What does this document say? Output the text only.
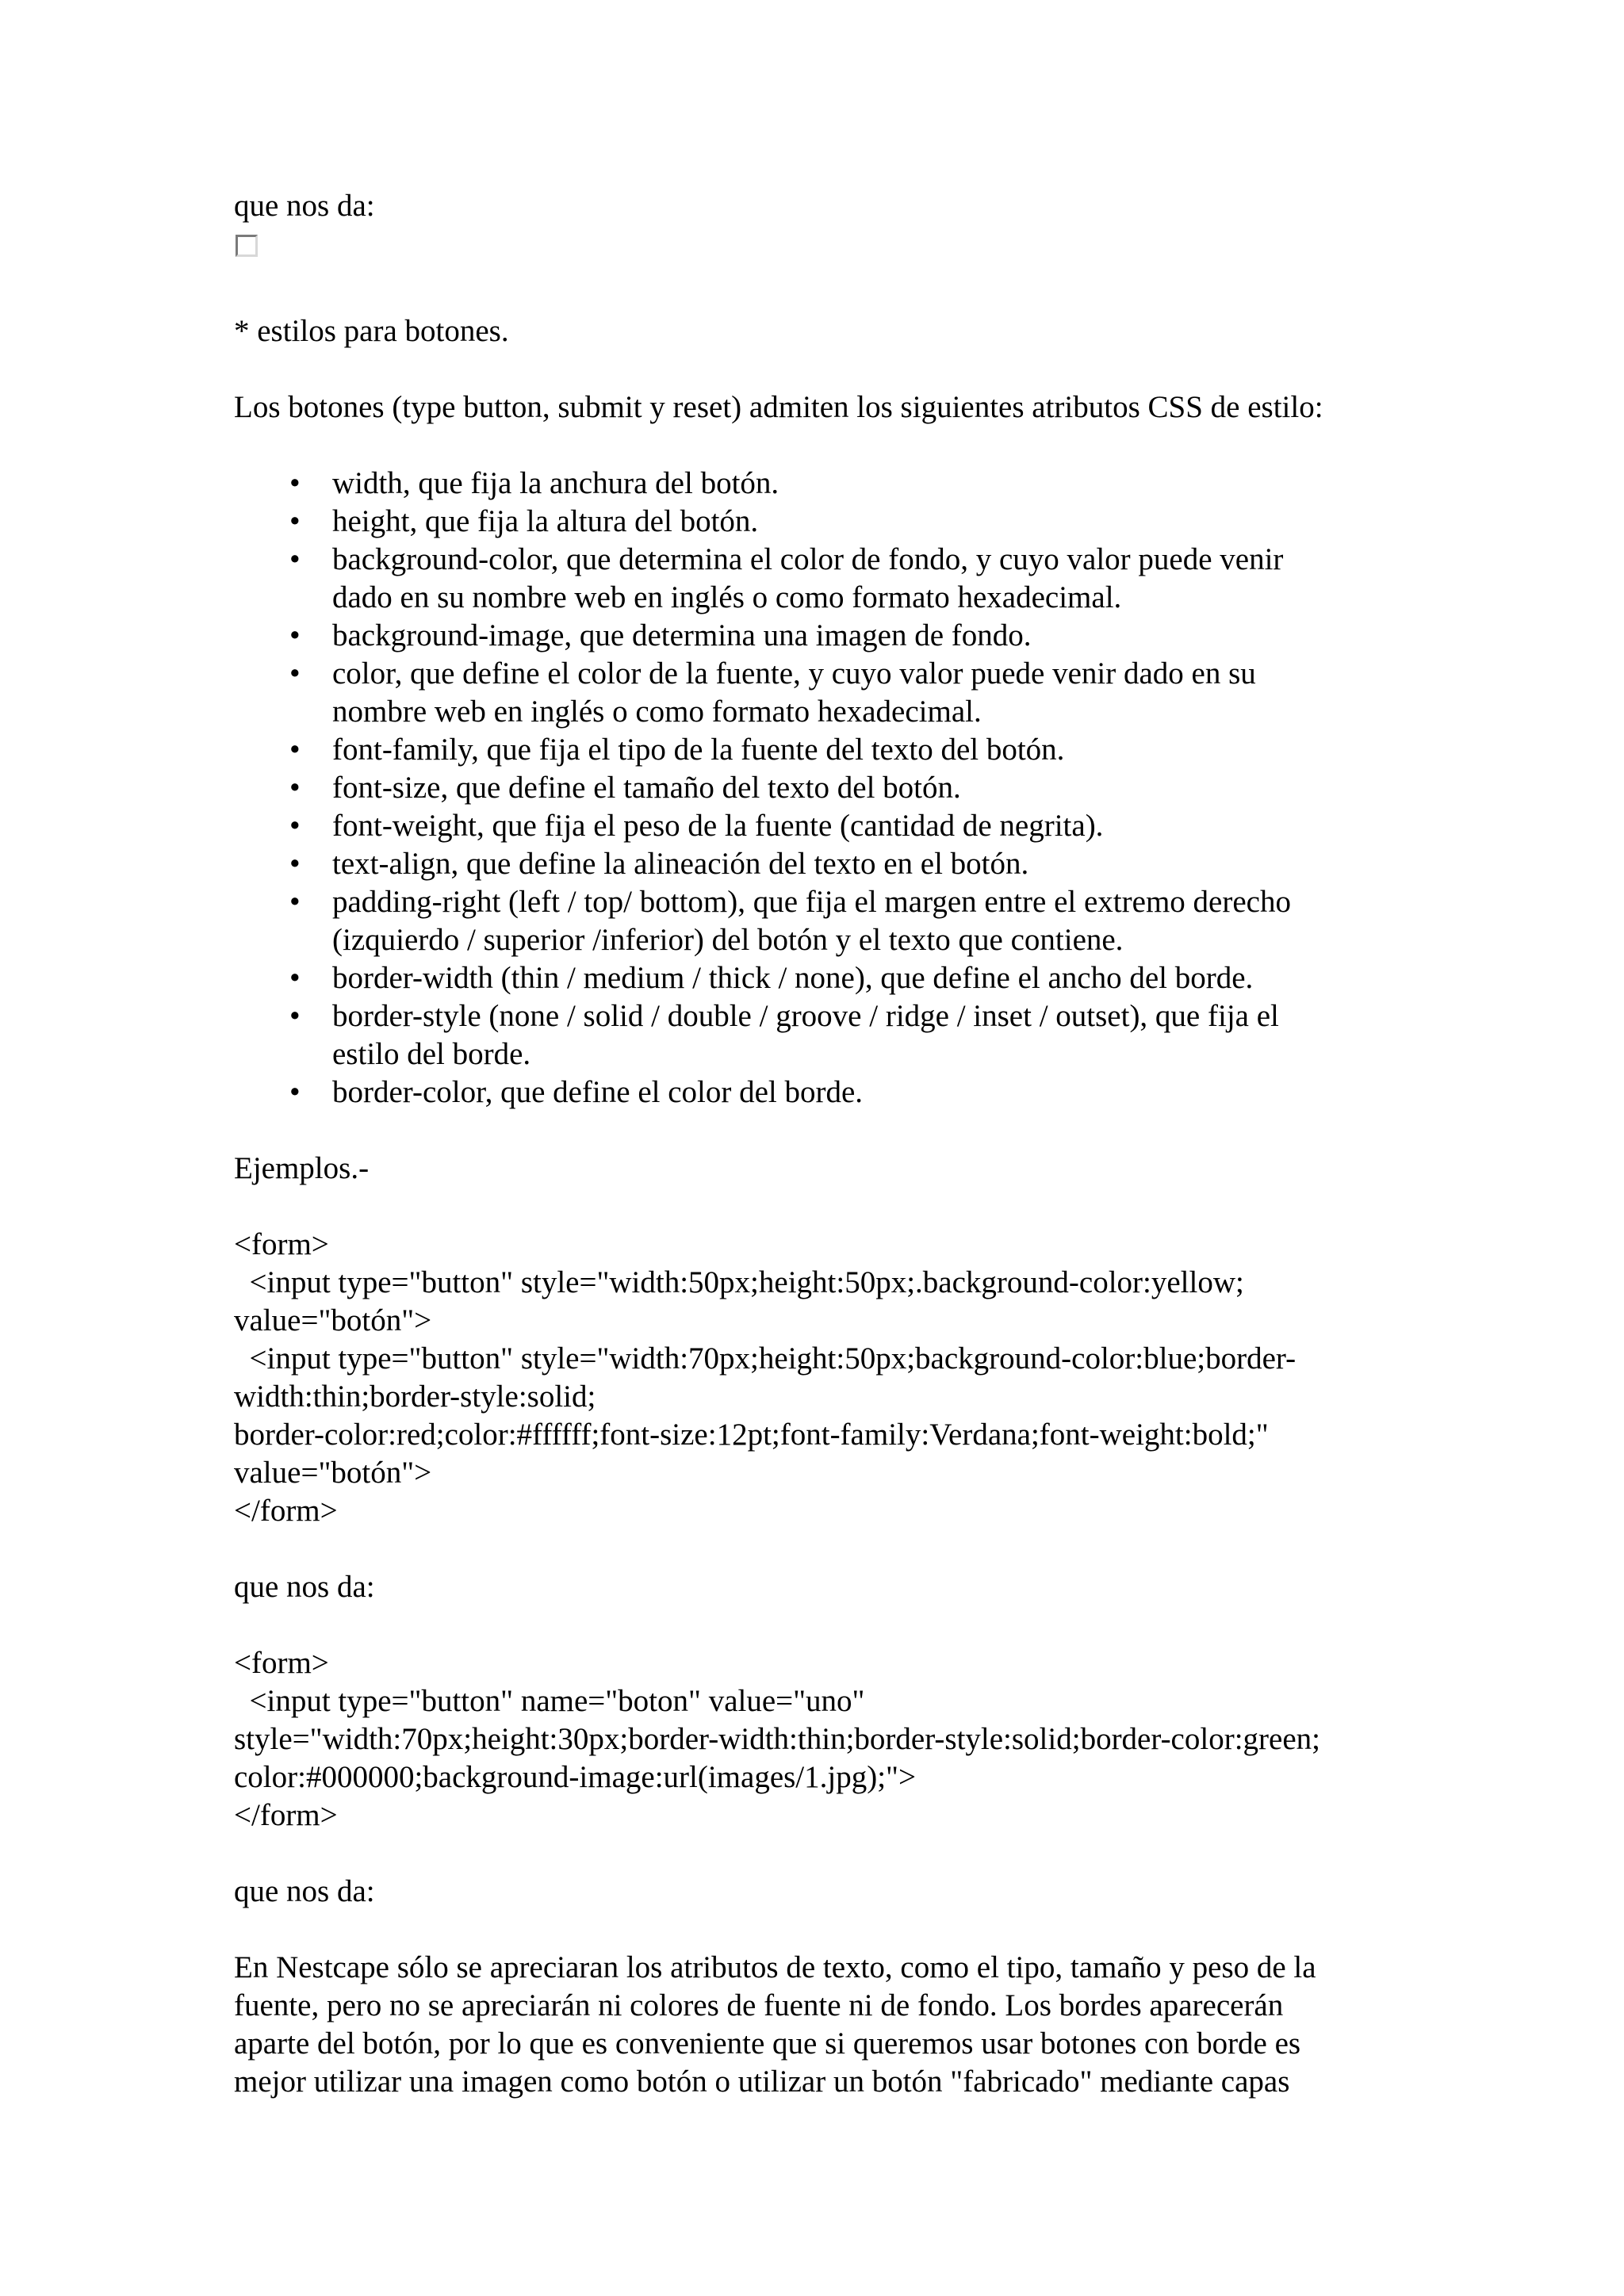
que nos da:

* estilos para botones.

Los botones (type button, submit y reset) admiten los siguientes atributos CSS de estilo:

• width, que fija la anchura del botón.
• height, que fija la altura del botón.
• background-color, que determina el color de fondo, y cuyo valor puede venir
dado en su nombre web en inglés o como formato hexadecimal.
• background-image, que determina una imagen de fondo.
• color, que define el color de la fuente, y cuyo valor puede venir dado en su
nombre web en inglés o como formato hexadecimal.
• font-family, que fija el tipo de la fuente del texto del botón.
• font-size, que define el tamaño del texto del botón.
• font-weight, que fija el peso de la fuente (cantidad de negrita).
• text-align, que define la alineación del texto en el botón.
• padding-right (left / top/ bottom), que fija el margen entre el extremo derecho
(izquierdo / superior /inferior) del botón y el texto que contiene.
• border-width (thin / medium / thick / none), que define el ancho del borde.
• border-style (none / solid / double / groove / ridge / inset / outset), que fija el
estilo del borde.
• border-color, que define el color del borde.

Ejemplos.-

<form>
<input type="button" style="width:50px;height:50px;.background-color:yellow;
value="botón">
<input type="button" style="width:70px;height:50px;background-color:blue;border-
width:thin;border-style:solid;
border-color:red;color:#ffffff;font-size:12pt;font-family:Verdana;font-weight:bold;"
value="botón">
</form>

que nos da:

<form>
<input type="button" name="boton" value="uno"
style="width:70px;height:30px;border-width:thin;border-style:solid;border-color:green;
color:#000000;background-image:url(images/1.jpg);">
</form>

que nos da:

En Nestcape sólo se apreciaran los atributos de texto, como el tipo, tamaño y peso de la
fuente, pero no se apreciarán ni colores de fuente ni de fondo. Los bordes aparecerán
aparte del botón, por lo que es conveniente que si queremos usar botones con borde es
mejor utilizar una imagen como botón o utilizar un botón "fabricado" mediante capas
